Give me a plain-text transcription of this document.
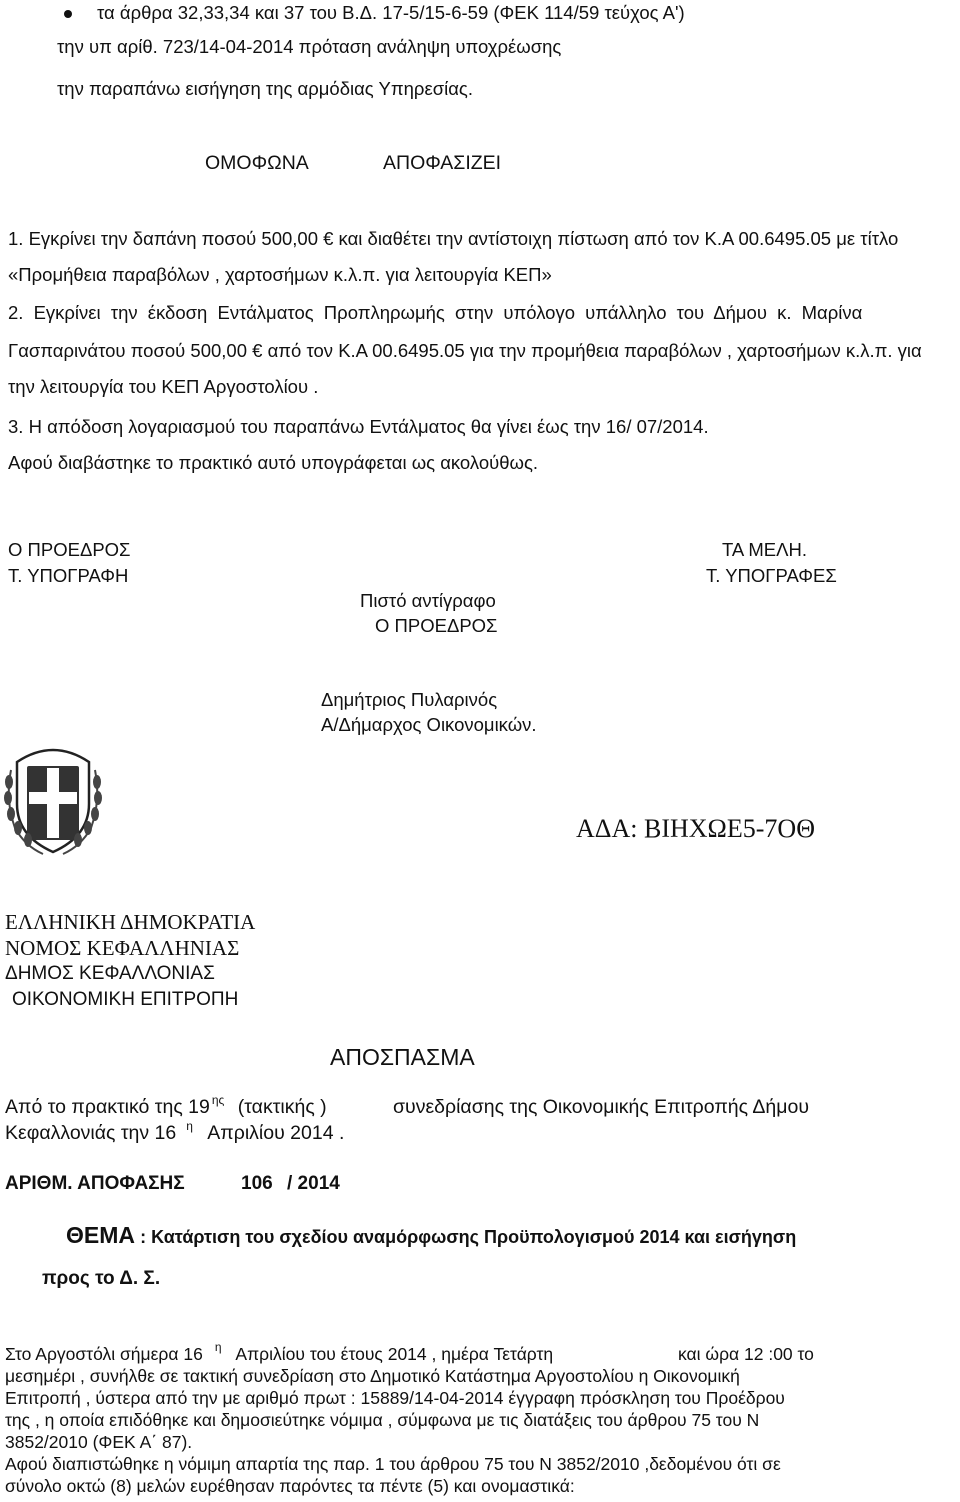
τα άρθρα 32,33,34 και 37 του Β.Δ. 17-5/15-6-59 (ΦΕΚ 114/59 τεύχος Α')
την υπ αρίθ. 723/14-04-2014 πρόταση ανάληψη υποχρέωσης
την παραπάνω εισήγηση της αρμόδιας Υπηρεσίας.
ΟΜΟΦΩΝΑ	ΑΠΟΦΑΣΙΖΕΙ
1. Εγκρίνει την δαπάνη ποσού 500,00 € και διαθέτει την αντίστοιχη πίστωση από τον Κ.Α 00.6495.05 με τίτλο
«Προμήθεια παραβόλων , χαρτοσήμων κ.λ.π. για λειτουργία ΚΕΠ»
2. Εγκρίνει την έκδοση Εντάλματος Προπληρωμής στην υπόλογο υπάλληλο του Δήμου κ. Μαρίνα
Γασπαρινάτου ποσού 500,00 € από τον Κ.Α 00.6495.05 για την προμήθεια παραβόλων , χαρτοσήμων κ.λ.π. για
την λειτουργία του ΚΕΠ Αργοστολίου .
3. Η απόδοση λογαριασμού του παραπάνω Εντάλματος θα γίνει έως την 16/ 07/2014.
Αφού διαβάστηκε το πρακτικό αυτό υπογράφεται ως ακολούθως.
Ο ΠΡΟΕΔΡΟΣ
Τ. ΥΠΟΓΡΑΦΗ
ΤΑ ΜΕΛΗ.
Τ. ΥΠΟΓΡΑΦΕΣ
Πιστό αντίγραφο
Ο ΠΡΟΕΔΡΟΣ
Δημήτριος Πυλαρινός
Α/Δήμαρχος Οικονομικών.
ΑΔΑ: ΒΙΗΧΩΕ5-7ΟΘ
ΕΛΛΗΝΙΚΗ ΔΗΜΟΚΡΑΤΙΑ
ΝΟΜΟΣ ΚΕΦΑΛΛΗΝΙΑΣ
ΔΗΜΟΣ ΚΕΦΑΛΛΟΝΙΑΣ
ΟΙΚΟΝΟΜΙΚΗ ΕΠΙΤΡΟΠΗ
ΑΠΟΣΠΑΣΜΑ
Από το πρακτικό της 19 $^{\eta\varsigma}$ (τακτικής )	συνεδρίασης της Οικονομικής Επιτροπής Δήμου
Κεφαλλονιάς την 16 $^\eta$ Απριλίου 2014 .
ΑΡΙΘΜ. ΑΠΟΦΑΣΗΣ	106 / 2014
ΘΕΜΑ : Κατάρτιση του σχεδίου αναμόρφωσης Προϋπολογισμού 2014 και εισήγηση
προς το Δ. Σ.
Στο Αργοστόλι σήμερα 16 $^\eta$ Απριλίου του έτους 2014 , ημέρα Τετάρτη	και ώρα 12 :00 το
μεσημέρι , συνήλθε σε τακτική συνεδρίαση στο Δημοτικό Κατάστημα Αργοστολίου η Οικονομική
Επιτροπή , ύστερα από την με αριθμό πρωτ : 15889/14-04-2014 έγγραφη πρόσκληση του Προέδρου
της , η οποία επιδόθηκε και δημοσιεύτηκε νόμιμα , σύμφωνα με τις διατάξεις του άρθρου 75 του Ν
3852/2010 (ΦΕΚ Α΄ 87).
Αφού διαπιστώθηκε η νόμιμη απαρτία της παρ. 1 του άρθρου 75 του Ν 3852/2010 ,δεδομένου ότι σε
σύνολο οκτώ (8) μελών ευρέθησαν παρόντες τα πέντε (5) και ονομαστικά:
